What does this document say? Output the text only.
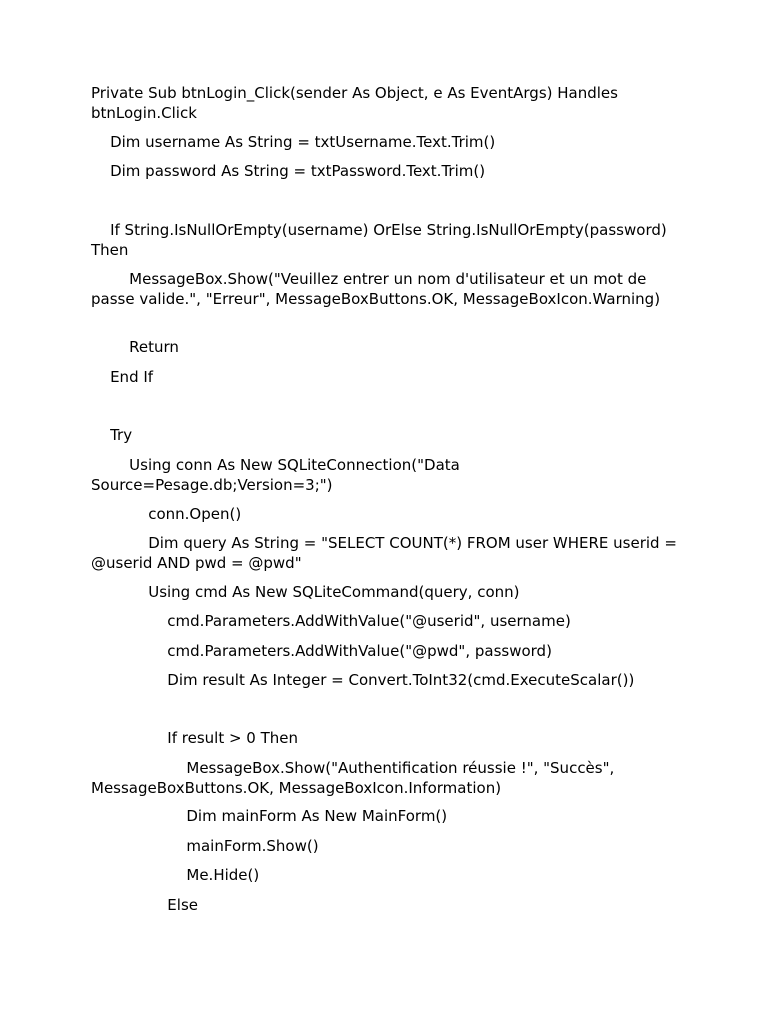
Private Sub btnLogin_Click(sender As Object, e As EventArgs) Handles btnLogin.Click

Dim username As String = txtUsername.Text.Trim()

Dim password As String = txtPassword.Text.Trim()

If String.IsNullOrEmpty(username) OrElse String.IsNullOrEmpty(password) Then

MessageBox.Show("Veuillez entrer un nom d'utilisateur et un mot de passe valide.", "Erreur", MessageBoxButtons.OK, MessageBoxIcon.Warning)

Return

End If

Try

Using conn As New SQLiteConnection("Data Source=Pesage.db;Version=3;")

conn.Open()

Dim query As String = "SELECT COUNT(*) FROM user WHERE userid = @userid AND pwd = @pwd"

Using cmd As New SQLiteCommand(query, conn)

cmd.Parameters.AddWithValue("@userid", username)

cmd.Parameters.AddWithValue("@pwd", password)

Dim result As Integer = Convert.ToInt32(cmd.ExecuteScalar())

If result > 0 Then

MessageBox.Show("Authentification réussie !", "Succès", MessageBoxButtons.OK, MessageBoxIcon.Information)

Dim mainForm As New MainForm()

mainForm.Show()

Me.Hide()

Else
